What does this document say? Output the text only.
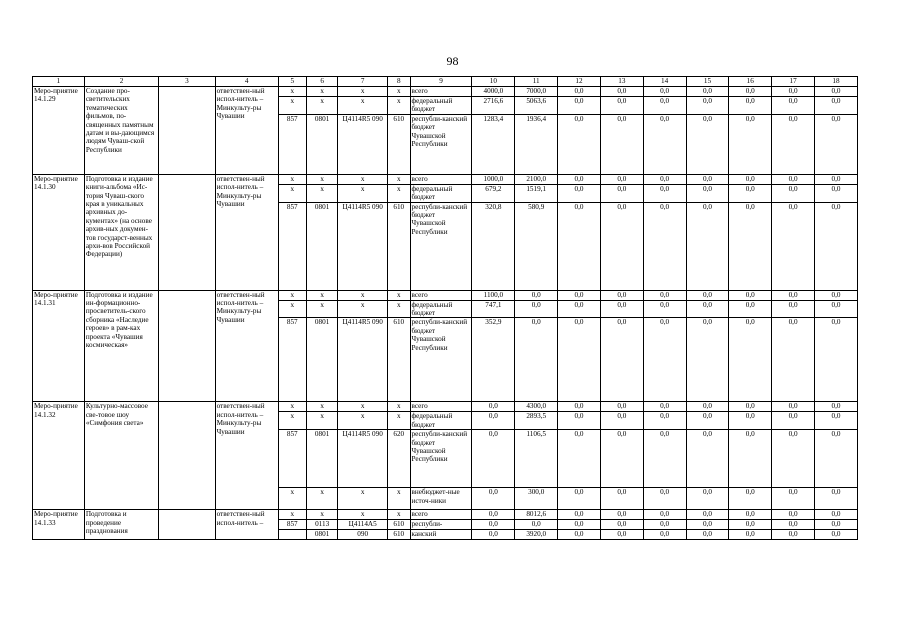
98
1	2	3	4	5	6	7	8	9	10	11	12	13	14	15	16	17	18
Меро-приятие 14.1.29	Создание про-светительских тематических фильмов, по-священных памятным датам и вы-дающимся людям Чуваш-ской Республики		ответствен-ный испол-нитель – Минкульту-ры Чувашии	x	x	x	x	всего	4000,0	7000,0	0,0	0,0	0,0	0,0	0,0	0,0	0,0
				x	x	x	x	федеральный бюджет	2716,6	5063,6	0,0	0,0	0,0	0,0	0,0	0,0	0,0
				857	0801	Ц4114R5 090	610	республи-канский бюджет Чувашской Республики	1283,4	1936,4	0,0	0,0	0,0	0,0	0,0	0,0	0,0
Меро-приятие 14.1.30	Подготовка и издание книги-альбома «Ис-тория Чуваш-ского края в уникальных архивных до-кументах» (на основе архив-ных докумен-тов государст-венных архи-вов Российской Федерации)		ответствен-ный испол-нитель – Минкульту-ры Чувашии	x	x	x	x	всего	1000,0	2100,0	0,0	0,0	0,0	0,0	0,0	0,0	0,0
				x	x	x	x	федеральный бюджет	679,2	1519,1	0,0	0,0	0,0	0,0	0,0	0,0	0,0
				857	0801	Ц4114R5 090	610	республи-канский бюджет Чувашской Республики	320,8	580,9	0,0	0,0	0,0	0,0	0,0	0,0	0,0
Меро-приятие 14.1.31	Подготовка и издание ин-формационно-просветитель-ского сборника «Наследие героев» в рам-ках проекта «Чувашия космическая»		ответствен-ный испол-нитель – Минкульту-ры Чувашии	x	x	x	x	всего	1100,0	0,0	0,0	0,0	0,0	0,0	0,0	0,0	0,0
				x	x	x	x	федеральный бюджет	747,1	0,0	0,0	0,0	0,0	0,0	0,0	0,0	0,0
				857	0801	Ц4114R5 090	610	республи-канский бюджет Чувашской Республики	352,9	0,0	0,0	0,0	0,0	0,0	0,0	0,0	0,0
Меро-приятие 14.1.32	Культурно-массовое све-товое шоу «Симфония света»		ответствен-ный испол-нитель – Минкульту-ры Чувашии	x	x	x	x	всего	0,0	4300,0	0,0	0,0	0,0	0,0	0,0	0,0	0,0
				x	x	x	x	федеральный бюджет	0,0	2893,5	0,0	0,0	0,0	0,0	0,0	0,0	0,0
				857	0801	Ц4114R5 090	620	республи-канский бюджет Чувашской Республики	0,0	1106,5	0,0	0,0	0,0	0,0	0,0	0,0	0,0
				x	x	x	x	внебюджет-ные источ-ники	0,0	300,0	0,0	0,0	0,0	0,0	0,0	0,0	0,0
Меро-приятие 14.1.33	Подготовка и проведение празднования		ответствен-ный испол-нитель –	x	x	x	x	всего	0,0	8012,6	0,0	0,0	0,0	0,0	0,0	0,0	0,0
				857	0113	Ц4114А5	610	республи-	0,0	0,0	0,0	0,0	0,0	0,0	0,0	0,0	0,0
					0801	090	610	канский	0,0	3920,0	0,0	0,0	0,0	0,0	0,0	0,0	0,0
